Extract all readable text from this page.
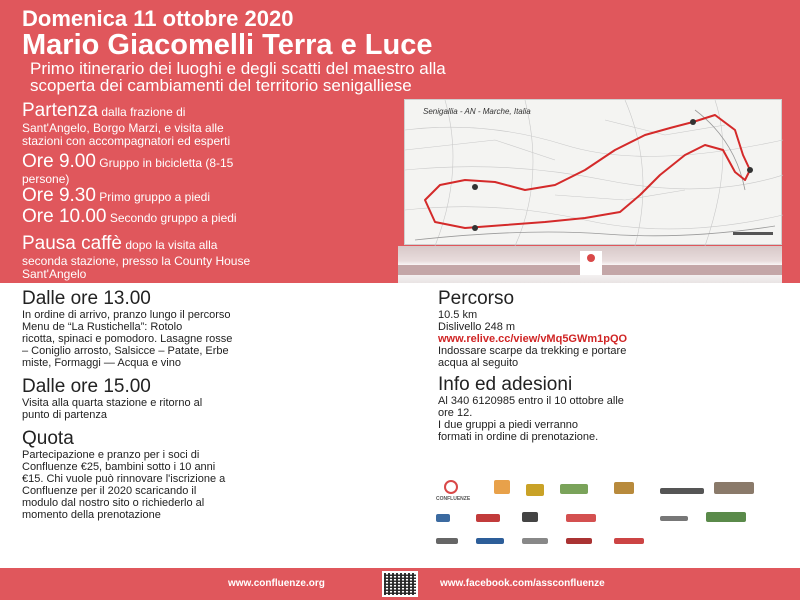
Domenica 11 ottobre 2020
Mario Giacomelli Terra e Luce
Primo itinerario dei luoghi e degli scatti del maestro alla
scoperta dei cambiamenti del territorio senigalliese
Partenza dalla frazione di
Sant'Angelo, Borgo Marzi, e visita alle
stazioni con accompagnatori ed esperti
Ore 9.00 Gruppo in bicicletta (8-15
persone)
Ore 9.30 Primo gruppo a piedi
Ore 10.00 Secondo gruppo a piedi
Pausa caffè dopo la visita alla
seconda stazione, presso la County House
Sant'Angelo
Senigallia - AN - Marche, Italia
Dalle ore 13.00
In ordine di arrivo, pranzo lungo il percorso
Menu de “La Rustichella”: Rotolo
ricotta, spinaci e pomodoro. Lasagne rosse
– Coniglio arrosto, Salsicce – Patate, Erbe
miste, Formaggi — Acqua e vino
Dalle ore 15.00
Visita alla quarta stazione e ritorno al
punto di partenza
Quota
Partecipazione e pranzo per i soci di
Confluenze €25, bambini sotto i 10 anni
€15. Chi vuole può rinnovare l'iscrizione a
Confluenze per il 2020 scaricando il
modulo dal nostro sito o richiederlo al
momento della prenotazione
Percorso
10.5 km
Dislivello 248 m
www.relive.cc/view/vMq5GWm1pQO
Indossare scarpe da trekking e portare
acqua al seguito
Info ed adesioni
Al 340 6120985 entro il 10 ottobre alle
ore 12.
I due gruppi a piedi verranno
formati in ordine di prenotazione.
CONFLUENZE
www.confluenze.org	www.facebook.com/assconfluenze
